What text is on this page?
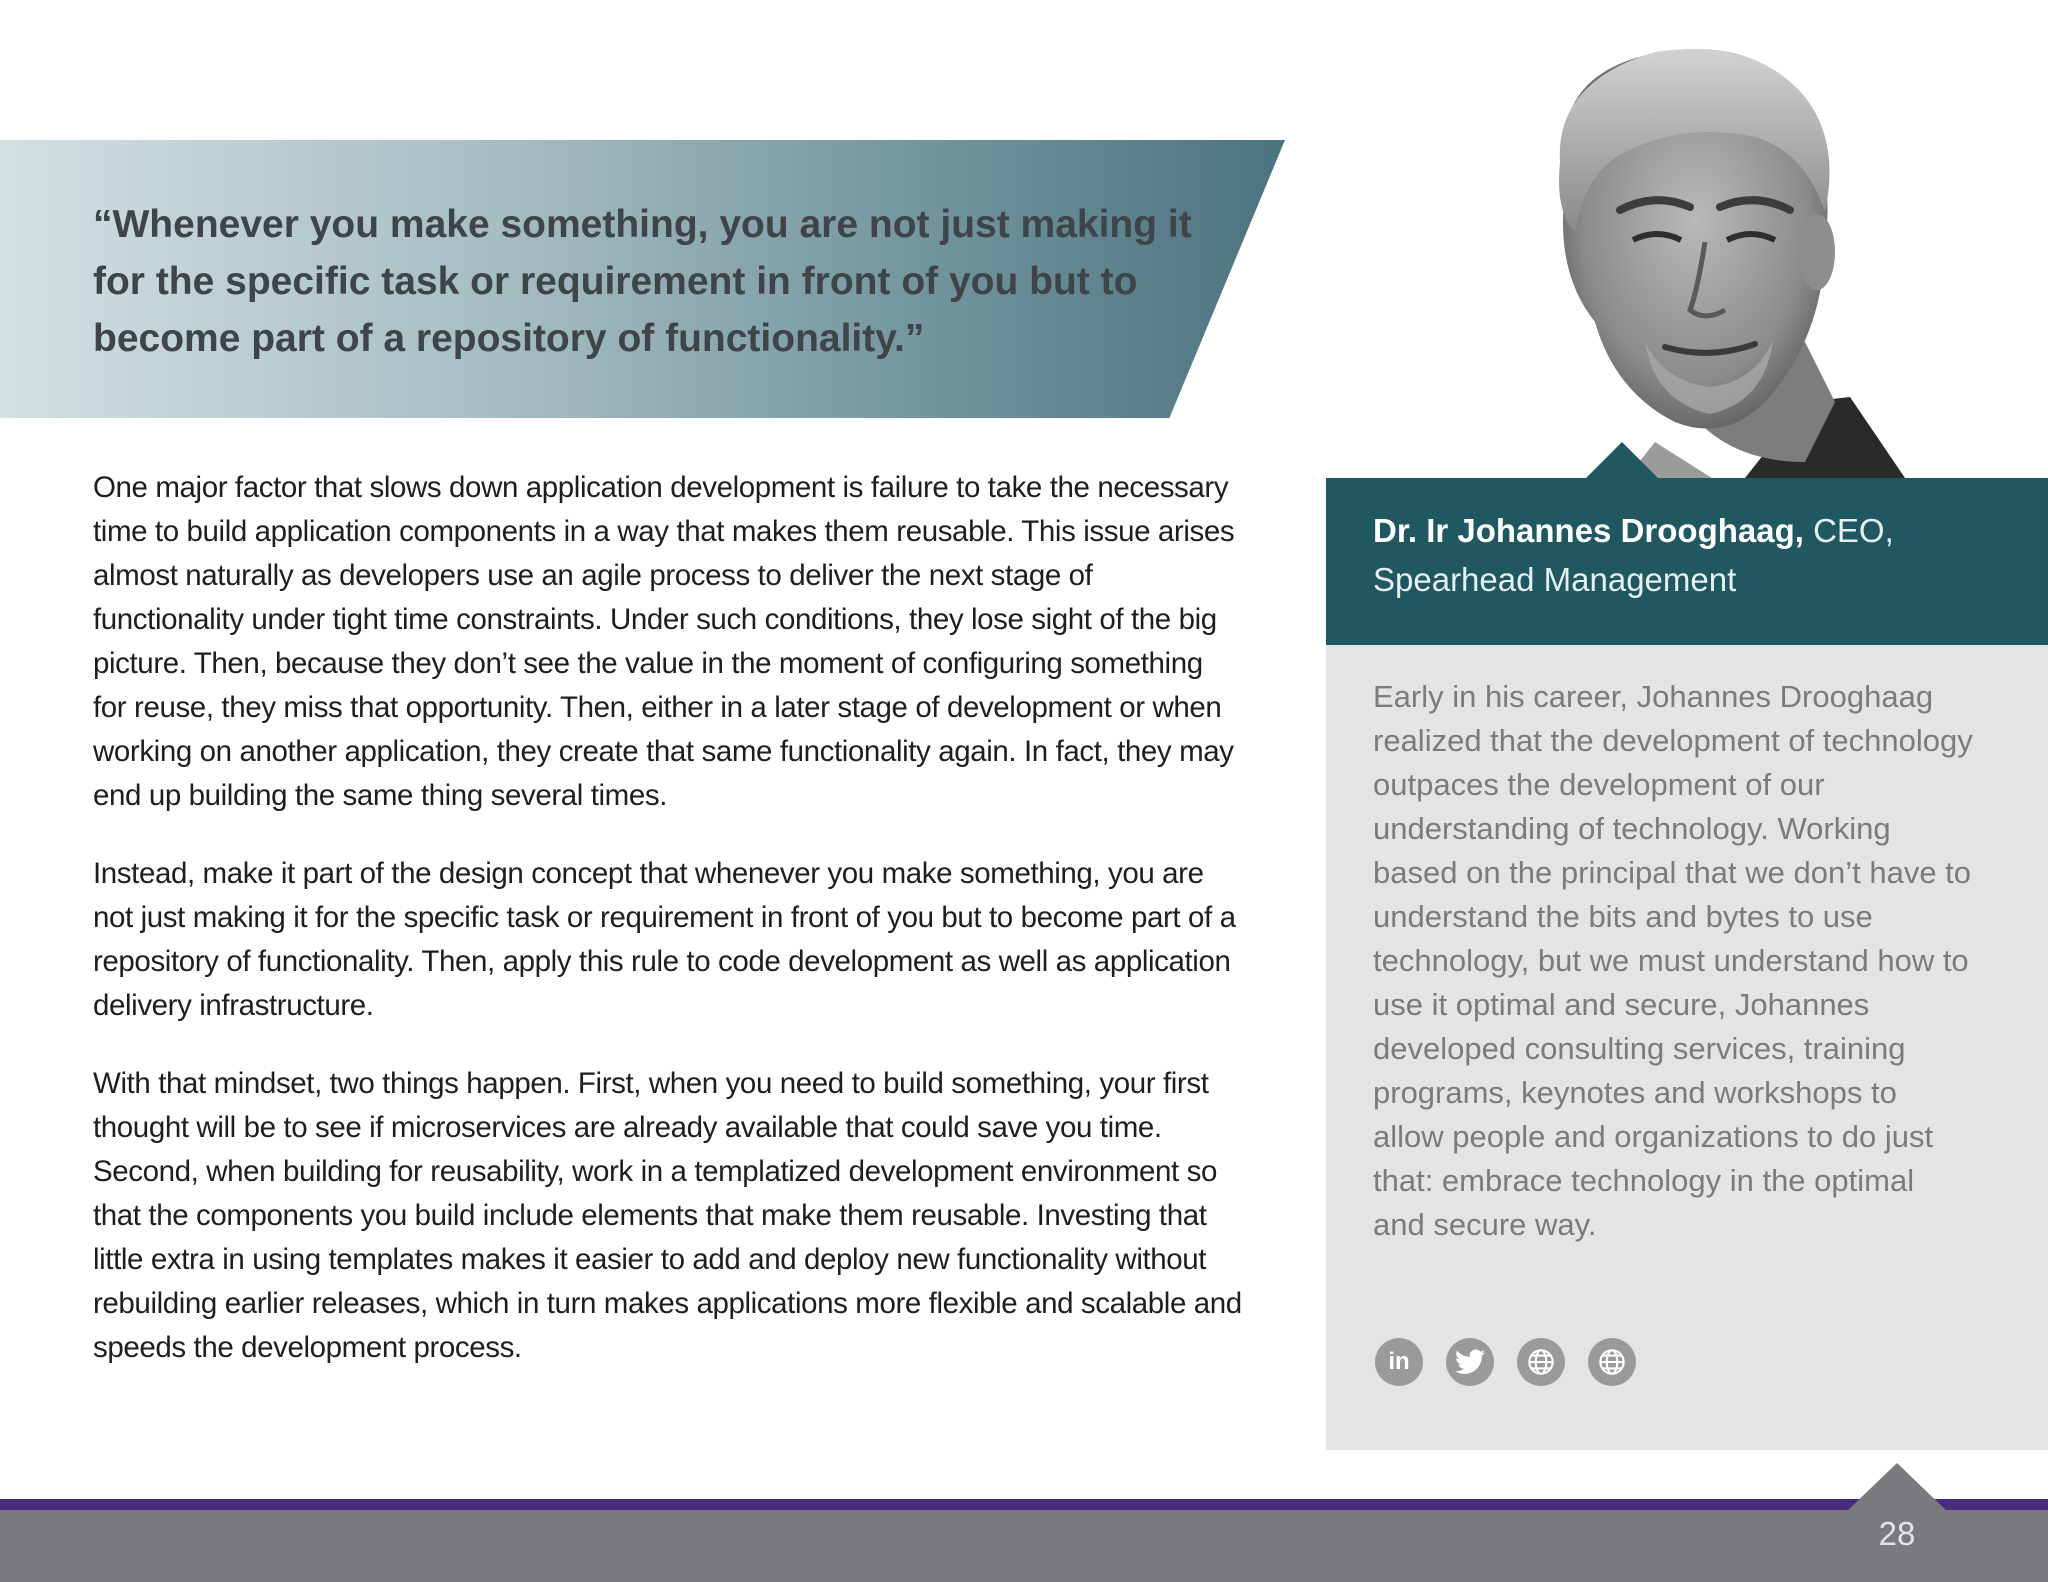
“Whenever you make something, you are not just making it for the specific task or requirement in front of you but to become part of a repository of functionality.”

One major factor that slows down application development is failure to take the necessary time to build application components in a way that makes them reusable. This issue arises almost naturally as developers use an agile process to deliver the next stage of functionality under tight time constraints. Under such conditions, they lose sight of the big picture. Then, because they don’t see the value in the moment of configuring something for reuse, they miss that opportunity. Then, either in a later stage of development or when working on another application, they create that same functionality again. In fact, they may end up building the same thing several times.

Instead, make it part of the design concept that whenever you make something, you are not just making it for the specific task or requirement in front of you but to become part of a repository of functionality. Then, apply this rule to code development as well as application delivery infrastructure.

With that mindset, two things happen. First, when you need to build something, your first thought will be to see if microservices are already available that could save you time. Second, when building for reusability, work in a templatized development environment so that the components you build include elements that make them reusable. Investing that little extra in using templates makes it easier to add and deploy new functionality without rebuilding earlier releases, which in turn makes applications more flexible and scalable and speeds the development process.

Dr. Ir Johannes Drooghaag, CEO,
Spearhead Management

Early in his career, Johannes Drooghaag realized that the development of technology outpaces the development of our understanding of technology. Working based on the principal that we don’t have to understand the bits and bytes to use technology, but we must understand how to use it optimal and secure, Johannes developed consulting services, training programs, keynotes and workshops to allow people and organizations to do just that: embrace technology in the optimal and secure way.

in
28
